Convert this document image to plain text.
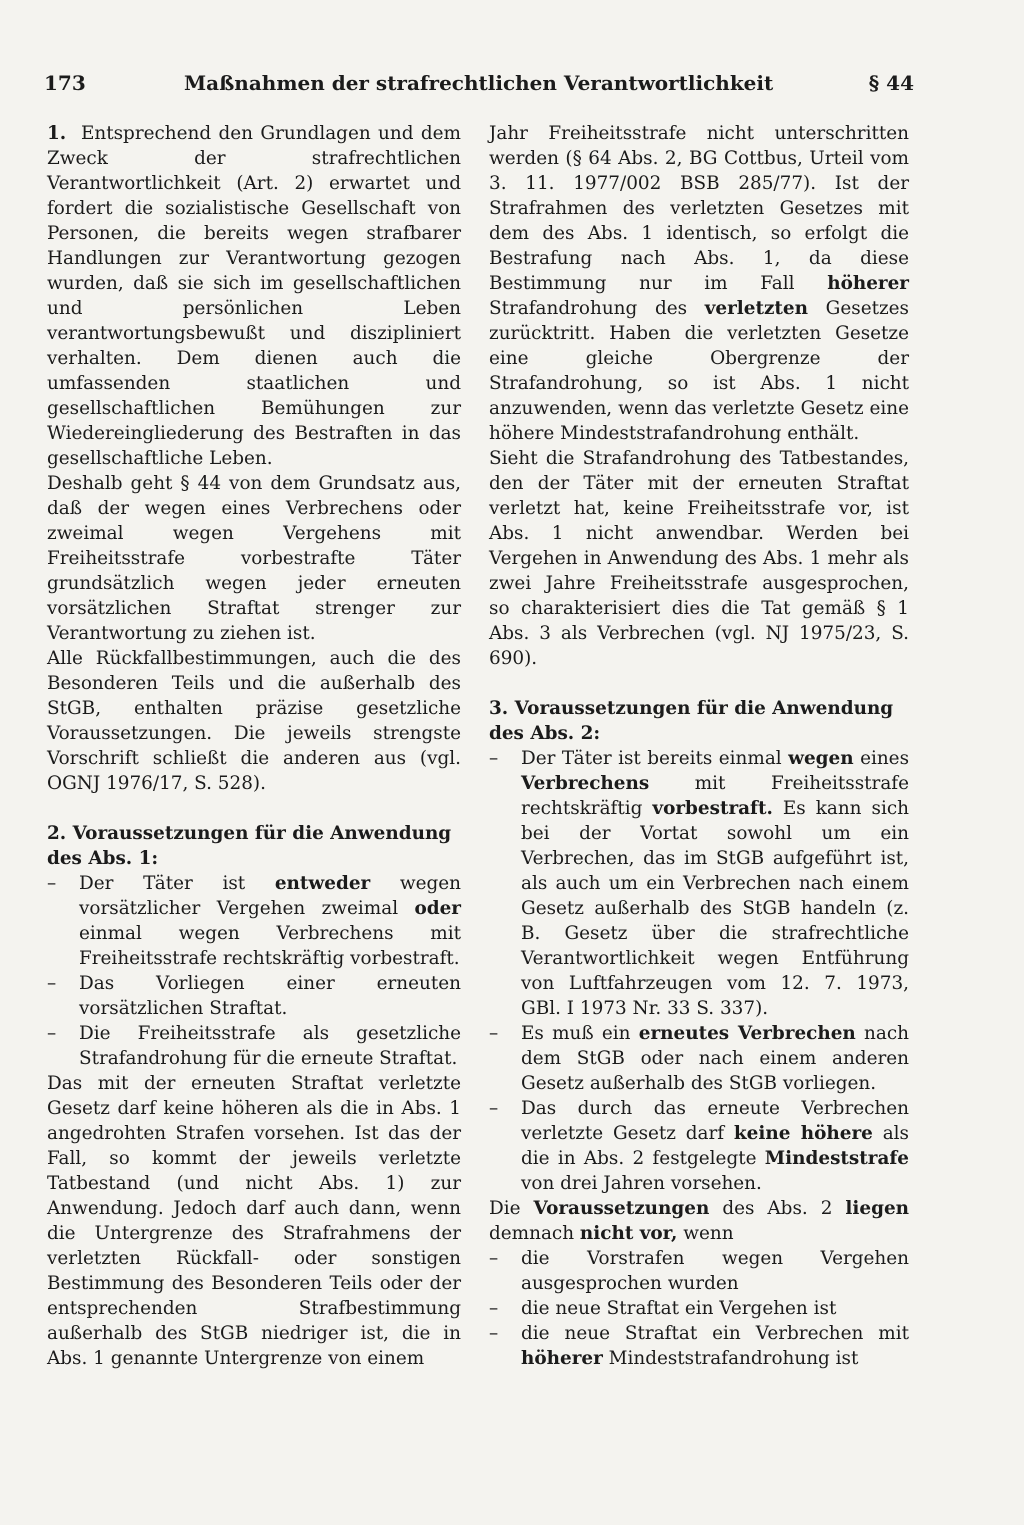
173	Maßnahmen der strafrechtlichen Verantwortlichkeit	§ 44

1. Entsprechend den Grundlagen und dem Zweck der strafrechtlichen Verantwortlichkeit (Art. 2) erwartet und fordert die sozialistische Gesellschaft von Personen, die bereits wegen strafbarer Handlungen zur Verantwortung gezogen wurden, daß sie sich im gesellschaftlichen und persönlichen Leben verantwortungsbewußt und diszipliniert verhalten. Dem dienen auch die umfassenden staatlichen und gesellschaftlichen Bemühungen zur Wiedereingliederung des Bestraften in das gesellschaftliche Leben.

Deshalb geht § 44 von dem Grundsatz aus, daß der wegen eines Verbrechens oder zweimal wegen Vergehens mit Freiheitsstrafe vorbestrafte Täter grundsätzlich wegen jeder erneuten vorsätzlichen Straftat strenger zur Verantwortung zu ziehen ist.

Alle Rückfallbestimmungen, auch die des Besonderen Teils und die außerhalb des StGB, enthalten präzise gesetzliche Voraussetzungen. Die jeweils strengste Vorschrift schließt die anderen aus (vgl. OGNJ 1976/17, S. 528).

2. Voraussetzungen für die Anwendung des Abs. 1:

– Der Täter ist entweder wegen vorsätzlicher Vergehen zweimal oder einmal wegen Verbrechens mit Freiheitsstrafe rechtskräftig vorbestraft.

– Das Vorliegen einer erneuten vorsätzlichen Straftat.

– Die Freiheitsstrafe als gesetzliche Strafandrohung für die erneute Straftat.

Das mit der erneuten Straftat verletzte Gesetz darf keine höheren als die in Abs. 1 angedrohten Strafen vorsehen. Ist das der Fall, so kommt der jeweils verletzte Tatbestand (und nicht Abs. 1) zur Anwendung. Jedoch darf auch dann, wenn die Untergrenze des Strafrahmens der verletzten Rückfall- oder sonstigen Bestimmung des Besonderen Teils oder der entsprechenden Strafbestimmung außerhalb des StGB niedriger ist, die in Abs. 1 genannte Untergrenze von einem

Jahr Freiheitsstrafe nicht unterschritten werden (§ 64 Abs. 2, BG Cottbus, Urteil vom 3. 11. 1977/002 BSB 285/77). Ist der Strafrahmen des verletzten Gesetzes mit dem des Abs. 1 identisch, so erfolgt die Bestrafung nach Abs. 1, da diese Bestimmung nur im Fall höherer Strafandrohung des verletzten Gesetzes zurücktritt. Haben die verletzten Gesetze eine gleiche Obergrenze der Strafandrohung, so ist Abs. 1 nicht anzuwenden, wenn das verletzte Gesetz eine höhere Mindeststrafandrohung enthält.

Sieht die Strafandrohung des Tatbestandes, den der Täter mit der erneuten Straftat verletzt hat, keine Freiheitsstrafe vor, ist Abs. 1 nicht anwendbar. Werden bei Vergehen in Anwendung des Abs. 1 mehr als zwei Jahre Freiheitsstrafe ausgesprochen, so charakterisiert dies die Tat gemäß § 1 Abs. 3 als Verbrechen (vgl. NJ 1975/23, S. 690).

3. Voraussetzungen für die Anwendung des Abs. 2:

– Der Täter ist bereits einmal wegen eines Verbrechens mit Freiheitsstrafe rechtskräftig vorbestraft. Es kann sich bei der Vortat sowohl um ein Verbrechen, das im StGB aufgeführt ist, als auch um ein Verbrechen nach einem Gesetz außerhalb des StGB handeln (z. B. Gesetz über die strafrechtliche Verantwortlichkeit wegen Entführung von Luftfahrzeugen vom 12. 7. 1973, GBl. I 1973 Nr. 33 S. 337).

– Es muß ein erneutes Verbrechen nach dem StGB oder nach einem anderen Gesetz außerhalb des StGB vorliegen.

– Das durch das erneute Verbrechen verletzte Gesetz darf keine höhere als die in Abs. 2 festgelegte Mindeststrafe von drei Jahren vorsehen.

Die Voraussetzungen des Abs. 2 liegen demnach nicht vor, wenn

– die Vorstrafen wegen Vergehen ausgesprochen wurden

– die neue Straftat ein Vergehen ist

– die neue Straftat ein Verbrechen mit höherer Mindeststrafandrohung ist
